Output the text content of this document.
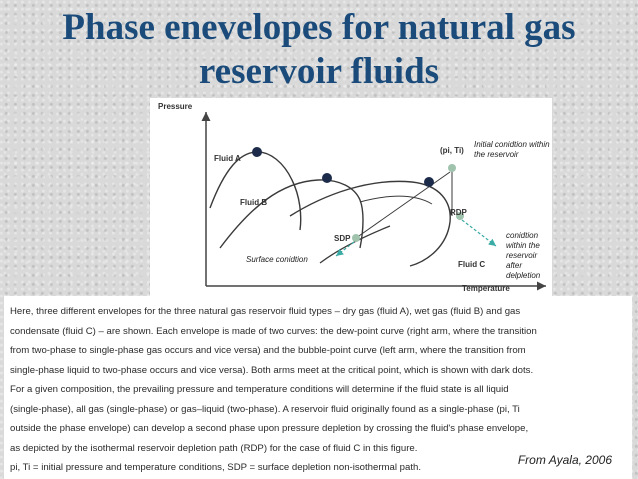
Phase enevelopes for natural gas
reservoir fluids
Pressure
Temperature
Fluid A
Fluid B
Fluid C
(pi, Ti)
RDP
SDP
Initial conidtion within
the reservoir
conidtion within the
reservoir after
delpletion
Surface conidtion
Here, three different envelopes for the three natural gas reservoir fluid types – dry gas (fluid A), wet gas (fluid B) and gas
condensate (fluid C) – are shown. Each envelope is made of two curves: the dew-point curve (right arm, where the transition
from two-phase to single-phase gas occurs and vice versa) and the bubble-point curve (left arm, where the transition from
single-phase liquid to two-phase occurs and vice versa). Both arms meet at the critical point, which is shown with dark dots.
For a given composition, the prevailing pressure and temperature conditions will determine if the fluid state is all liquid
(single-phase), all gas (single-phase) or gas–liquid (two-phase). A reservoir fluid originally found as a single-phase (pi, Ti
outside the phase envelope) can develop a second phase upon pressure depletion by crossing the fluid's phase envelope,
as depicted by the isothermal reservoir depletion path (RDP) for the case of fluid C in this figure.
pi, Ti = initial pressure and temperature conditions, SDP = surface depletion non-isothermal path.
From Ayala, 2006
